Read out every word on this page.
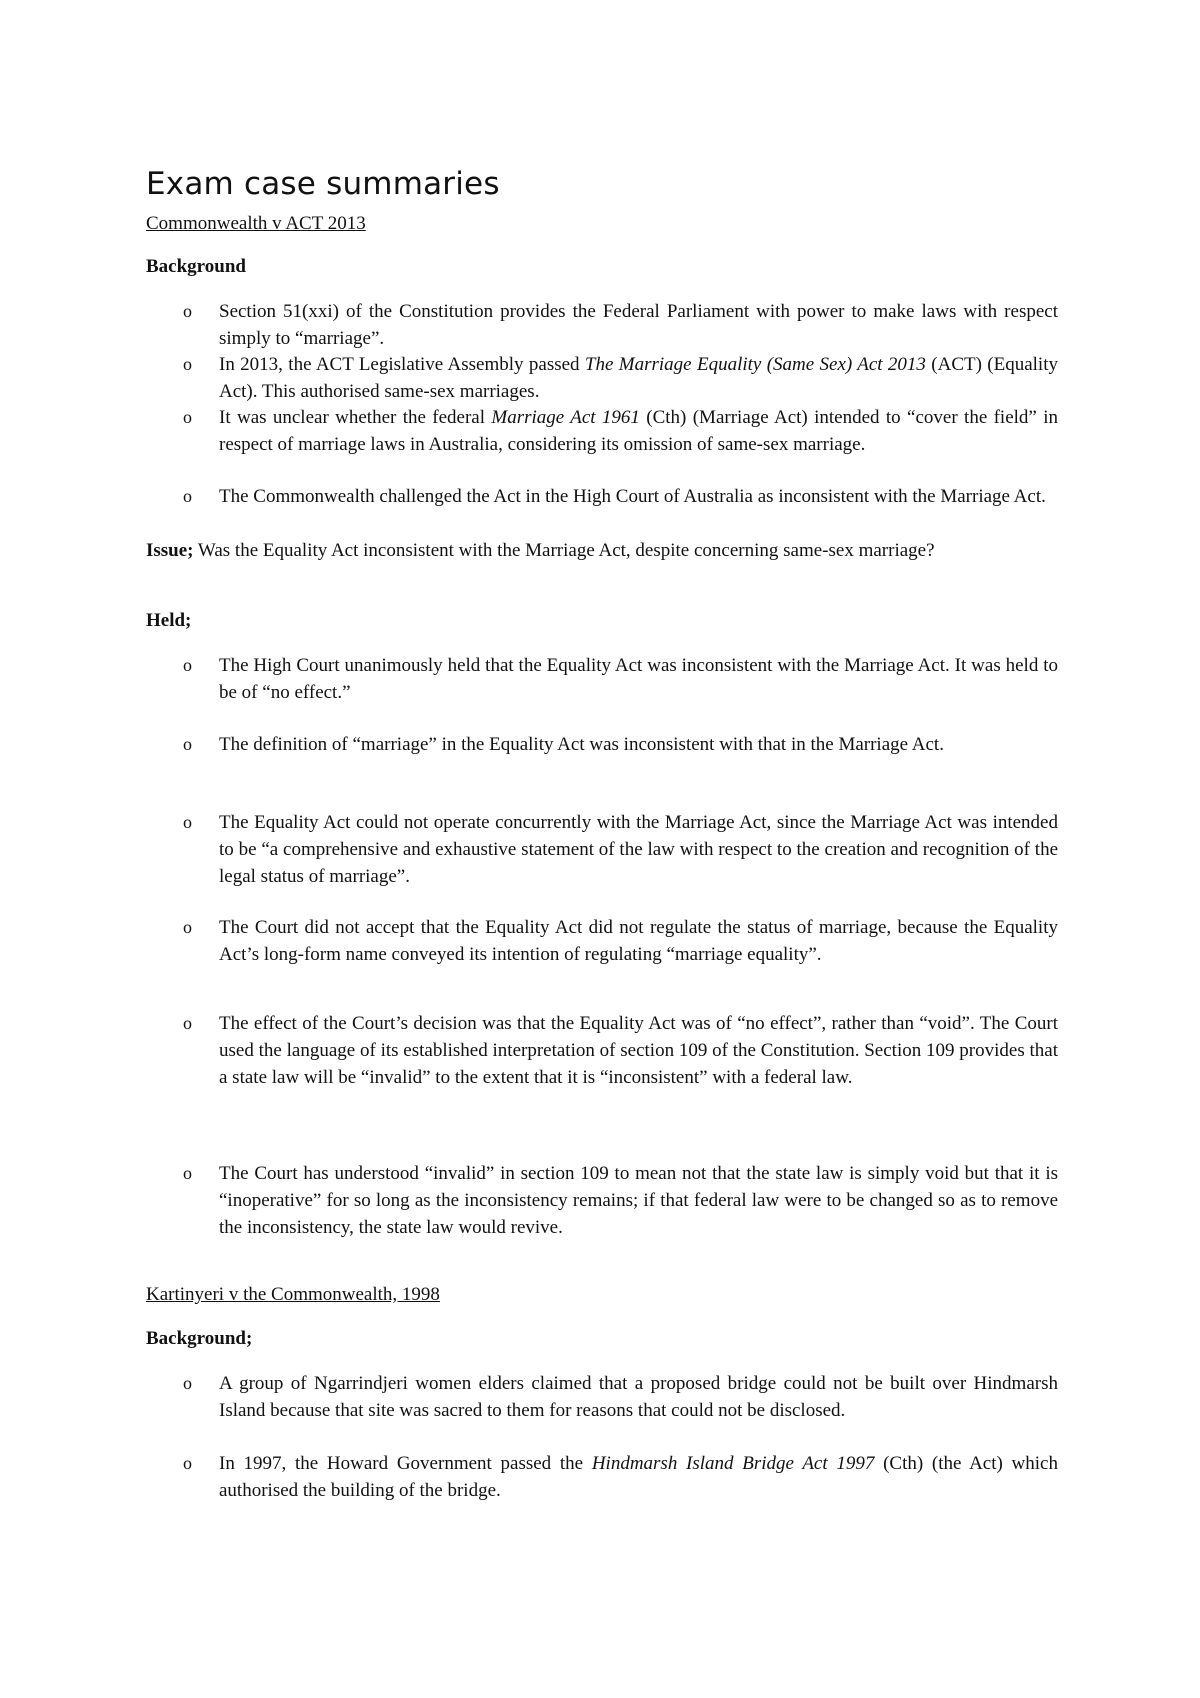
Exam case summaries

Commonwealth v ACT 2013

Background

o Section 51(xxi) of the Constitution provides the Federal Parliament with power to make laws with respect simply to “marriage”.
o In 2013, the ACT Legislative Assembly passed The Marriage Equality (Same Sex) Act 2013 (ACT) (Equality Act). This authorised same-sex marriages.
o It was unclear whether the federal Marriage Act 1961 (Cth) (Marriage Act) intended to “cover the field” in respect of marriage laws in Australia, considering its omission of same-sex marriage.
o The Commonwealth challenged the Act in the High Court of Australia as inconsistent with the Marriage Act.

Issue; Was the Equality Act inconsistent with the Marriage Act, despite concerning same-sex marriage?

Held;

o The High Court unanimously held that the Equality Act was inconsistent with the Marriage Act. It was held to be of “no effect.”
o The definition of “marriage” in the Equality Act was inconsistent with that in the Marriage Act.
o The Equality Act could not operate concurrently with the Marriage Act, since the Marriage Act was intended to be “a comprehensive and exhaustive statement of the law with respect to the creation and recognition of the legal status of marriage”.
o The Court did not accept that the Equality Act did not regulate the status of marriage, because the Equality Act’s long-form name conveyed its intention of regulating “marriage equality”.
o The effect of the Court’s decision was that the Equality Act was of “no effect”, rather than “void”. The Court used the language of its established interpretation of section 109 of the Constitution. Section 109 provides that a state law will be “invalid” to the extent that it is “inconsistent” with a federal law.
o The Court has understood “invalid” in section 109 to mean not that the state law is simply void but that it is “inoperative” for so long as the inconsistency remains; if that federal law were to be changed so as to remove the inconsistency, the state law would revive.

Kartinyeri v the Commonwealth, 1998

Background;

o A group of Ngarrindjeri women elders claimed that a proposed bridge could not be built over Hindmarsh Island because that site was sacred to them for reasons that could not be disclosed.
o In 1997, the Howard Government passed the Hindmarsh Island Bridge Act 1997 (Cth) (the Act) which authorised the building of the bridge.
